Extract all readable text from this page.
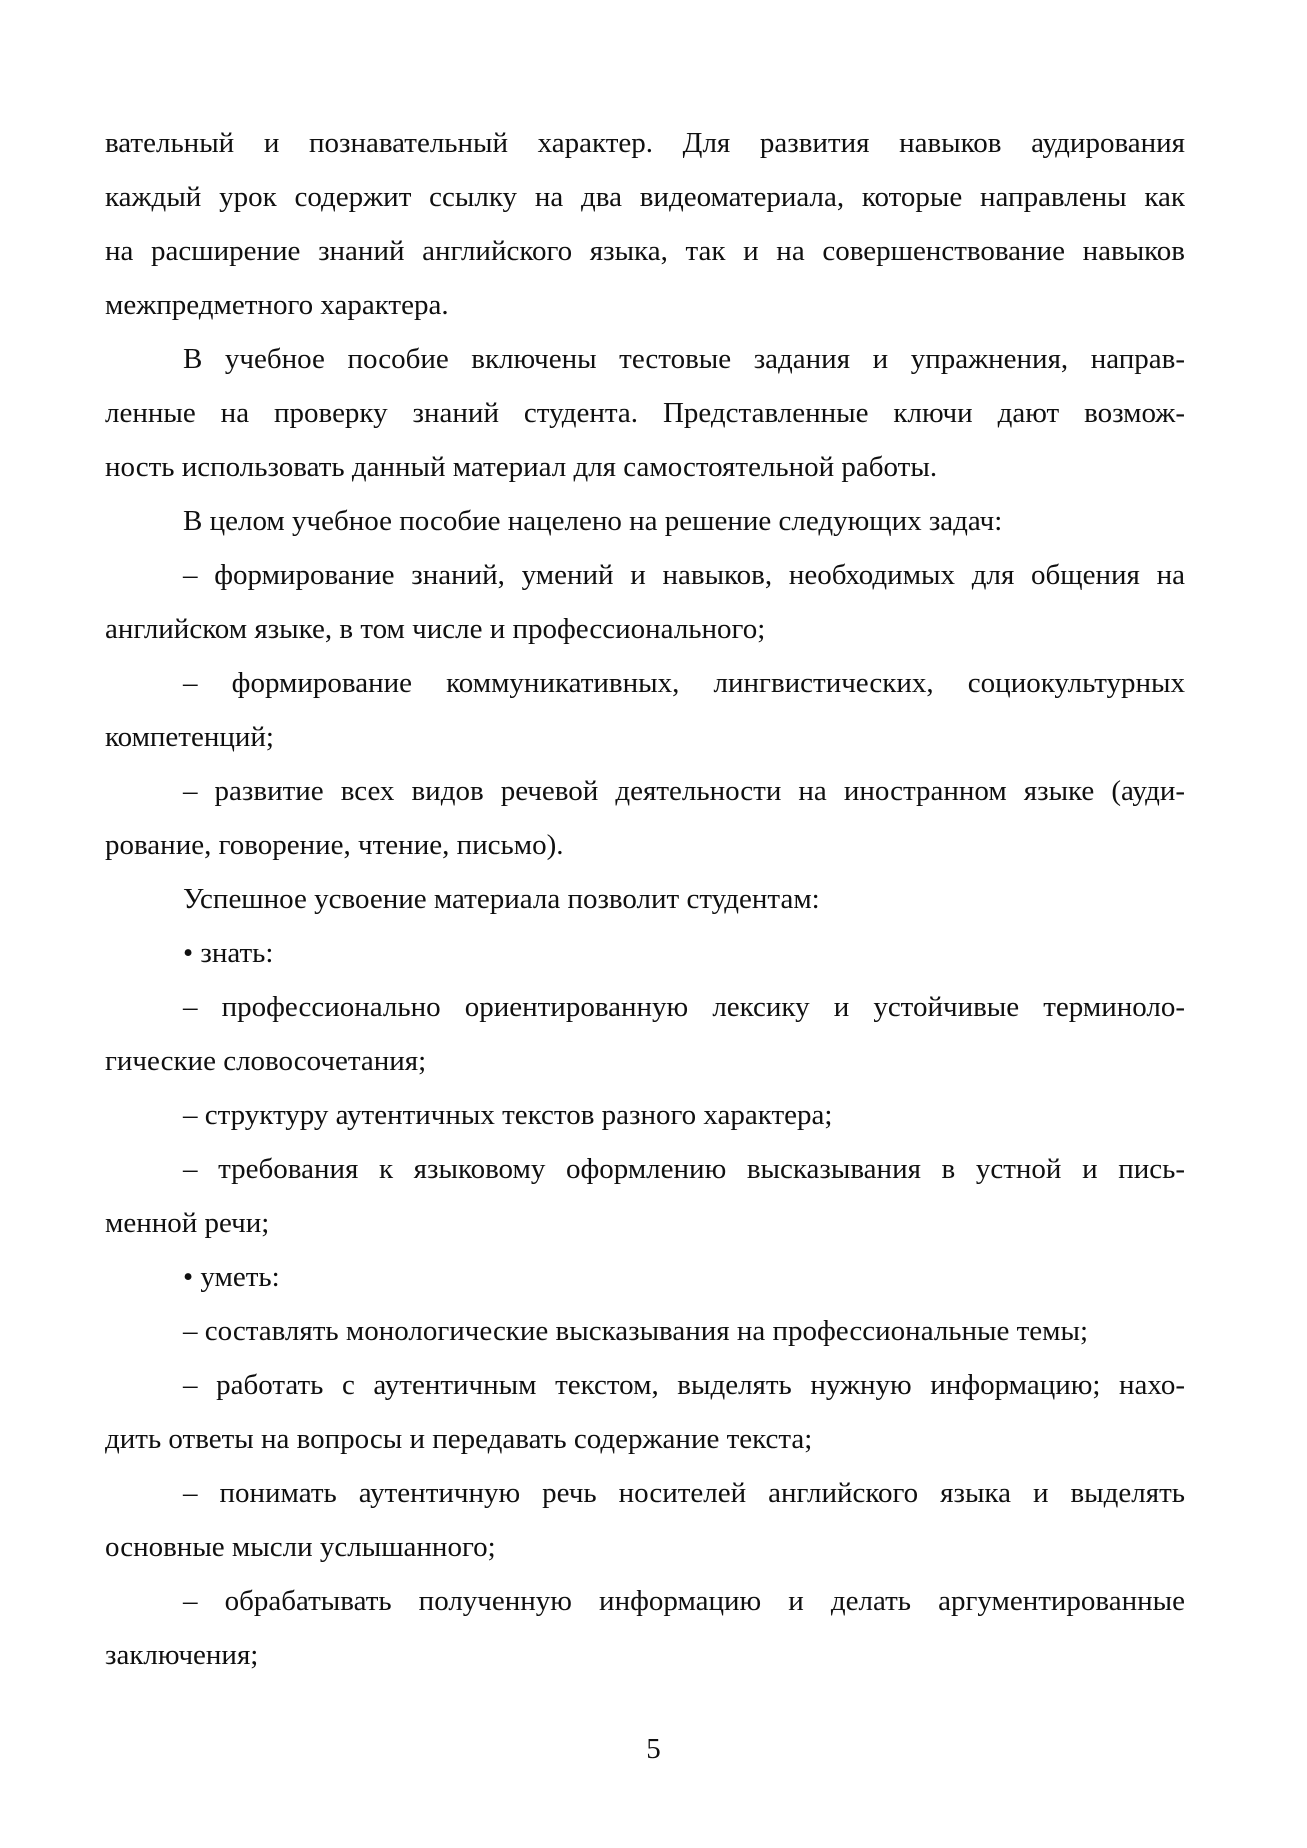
вательный и познавательный характер. Для развития навыков аудирования
каждый урок содержит ссылку на два видеоматериала, которые направлены как
на расширение знаний английского языка, так и на совершенствование навыков
межпредметного характера.
В учебное пособие включены тестовые задания и упражнения, направ-
ленные на проверку знаний студента. Представленные ключи дают возмож-
ность использовать данный материал для самостоятельной работы.
В целом учебное пособие нацелено на решение следующих задач:
– формирование знаний, умений и навыков, необходимых для общения на
английском языке, в том числе и профессионального;
– формирование коммуникативных, лингвистических, социокультурных
компетенций;
– развитие всех видов речевой деятельности на иностранном языке (ауди-
рование, говорение, чтение, письмо).
Успешное усвоение материала позволит студентам:
• знать:
– профессионально ориентированную лексику и устойчивые терминоло-
гические словосочетания;
– структуру аутентичных текстов разного характера;
– требования к языковому оформлению высказывания в устной и пись-
менной речи;
• уметь:
– составлять монологические высказывания на профессиональные темы;
– работать с аутентичным текстом, выделять нужную информацию; нахо-
дить ответы на вопросы и передавать содержание текста;
– понимать аутентичную речь носителей английского языка и выделять
основные мысли услышанного;
– обрабатывать полученную информацию и делать аргументированные
заключения;
5
